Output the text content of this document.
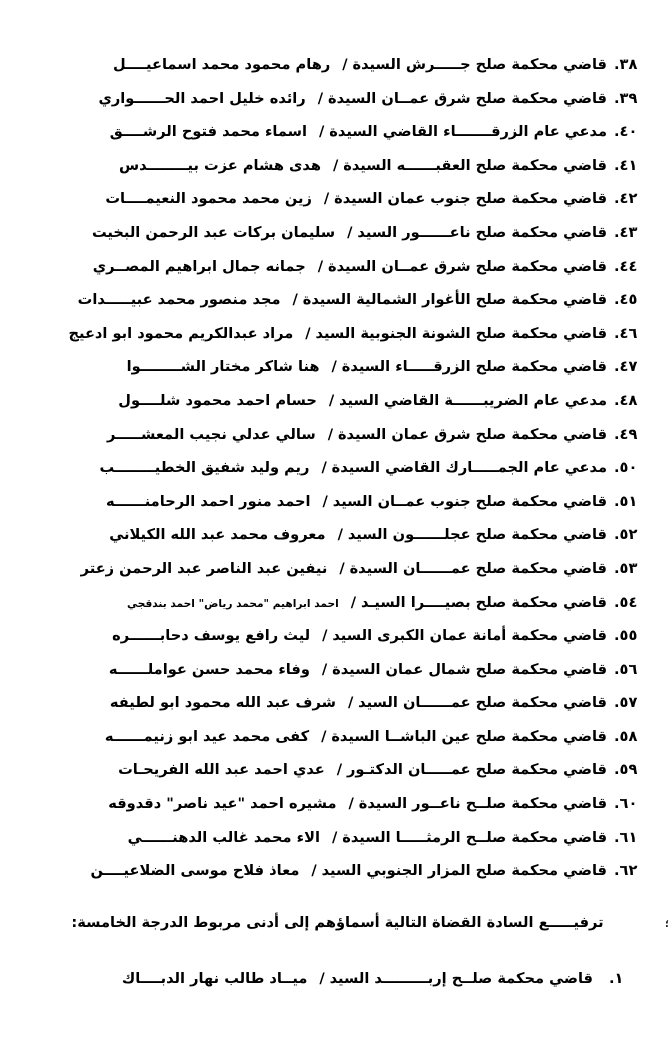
٣٨.
قاضي محكمة صلح جـــــرش السيدة
/
رهام محمود محمد اسماعيــــل
٣٩.
قاضي محكمة صلح شرق عمــان السيدة
/
رائده خليل احمد الحــــــواري
٤٠.
مدعي عام الزرقـــــــاء القاضي السيدة
/
اسماء محمد فتوح الرشــــق
٤١.
قاضي محكمة صلح العقبــــــه السيدة
/
هدى هشام عزت بيــــــــدس
٤٢.
قاضي محكمة صلح جنوب عمان السيدة
/
زين محمد محمود النعيمــــات
٤٣.
قاضي محكمة صلح ناعــــــور السيد
/
سليمان بركات عبد الرحمن البخيت
٤٤.
قاضي محكمة صلح شرق عمــان السيدة
/
جمانه جمال ابراهيم المصــري
٤٥.
قاضي محكمة صلح الأغوار الشمالية السيدة
/
مجد منصور محمد عبيـــــدات
٤٦.
قاضي محكمة صلح الشونة الجنوبية السيد
/
مراد عبدالكريم محمود ابو ادعيج
٤٧.
قاضي محكمة صلح الزرقـــــاء السيدة
/
هنا شاكر مختار الشــــــــوا
٤٨.
مدعي عام الضريبــــــة القاضي السيد
/
حسام احمد محمود شلــــول
٤٩.
قاضي محكمة صلح شرق عمان السيدة
/
سالي عدلي نجيب المعشـــــر
٥٠.
مدعي عام الجمـــــارك القاضي السيدة
/
ريم وليد شفيق الخطيــــــــب
٥١.
قاضي محكمة صلح جنوب عمــان السيد
/
احمد منور احمد الرحامنــــــه
٥٢.
قاضي محكمة صلح عجلــــــون السيد
/
معروف محمد عبد الله الكيلاني
٥٣.
قاضي محكمة صلح عمــــــان السيدة
/
نيفين عبد الناصر عبد الرحمن زعتر
٥٤.
قاضي محكمة صلح بصيــــرا السيـد
/
احمد ابراهيم "محمد رياض" احمد بندقجي
٥٥.
قاضي محكمة أمانة عمان الكبرى السيد
/
ليث رافع يوسف دحابــــــره
٥٦.
قاضي محكمة صلح شمال عمان السيدة
/
وفاء محمد حسن عواملــــــه
٥٧.
قاضي محكمة صلح عمــــــان السيد
/
شرف عبد الله محمود ابو لطيفه
٥٨.
قاضي محكمة صلح عين الباشــا السيدة
/
كفى محمد عيد ابو زنيمــــــه
٥٩.
قاضي محكمة صلح عمـــــان الدكتـور
/
عدي احمد عبد الله الفريحـات
٦٠.
قاضي محكمة صلــح ناعــور السيدة
/
مشيره احمد "عيد ناصر" دقدوقه
٦١.
قاضي محكمة صلــح الرمثـــــا السيدة
/
الاء محمد غالب الدهنــــــي
٦٢.
قاضي محكمة صلح المزار الجنوبي السيد
/
معاذ فلاح موسى الضلاعيــــن
؛
ترفيـــــع السادة القضاة التالية أسماؤهم إلى أدنى مربوط الدرجة الخامسة:
١.
قاضي محكمة صلــح إربـــــــــد السيد
/
ميــاد طالب نهار الدبــــاك
